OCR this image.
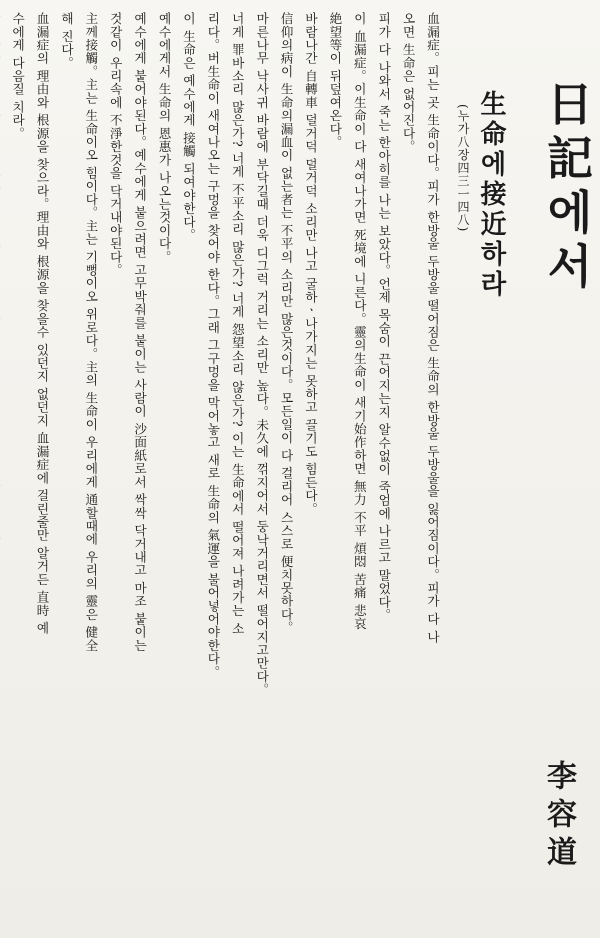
日記에서
李容道
生命에接近하라
(누가八장四三ㅡ四八)
血漏症。피는 곳 生命이다。피가 한방울 두방울 떨어짐은 生命의 한방울 두방울을 잃어짐이다。피가 다 나
오면 生命은 없어진다。
피가 다 나와서 죽는 한아히를 나는 보았다。언제 목숨이 끈어지는지 알수없이 죽엄에 나르고 말었다。
이 血漏症。이生命이 다 새여나가면 死境에 니른다。靈의生命이 새기始作하면 無力 不平 煩悶 苦痛 悲哀
絶望等이 뒤덮여온다。
바람나간 自轉車 덜거덕 덜거덕 소리만 나고 굴하ㆍ나가지는 못하고 끌기도 힘든다。
信仰의病이 生命의漏血이 없는者는 不平의 소리만 많은것이다。모든일이 다 걸리어 스스로 便치못하다。
마른나무 낙사귀 바람에 부닥길때 더욱 디그럭 거리는 소리만 높다。未久에 꺾지어서 둥낙거리면서 떨어지고만다。
너게 罪바소리 많은가? 너게 不平소리 많은가? 너게 怨望소리 않은가? 이는 生命에서 떨어져 나려가는 소
리다。버生命이 새여나오는 구멍을 찾어야 한다。그래 그구멍을 막어놓고 새로 生命의 氣運을 불어넣어야한다。
이 生命은 예수에게 接觸 되여야한다。
예수에게서 生命의 恩惠가 나오는것이다。
예수에게 붙어야된다。예수에게 붙으려면 고무박줘를 붙이는 사람이 沙面紙로서 싹싹 닥거내고 마조 붙이는
것같이 우리속에 不淨한것을 닥거내야된다。
主께接觸。主는 生命이오 힘이다。主는 기뻥이오 위로다。主의 生命이 우리에게 通할때에 우리의 靈은 健全
해 진다。
血漏症의 理由와 根源을 찾으라。理由와 根源을 찾을수 있던지 없던지 血漏症에 걸린줄만 알거든 直時 예
수에게 다음질 치라。
